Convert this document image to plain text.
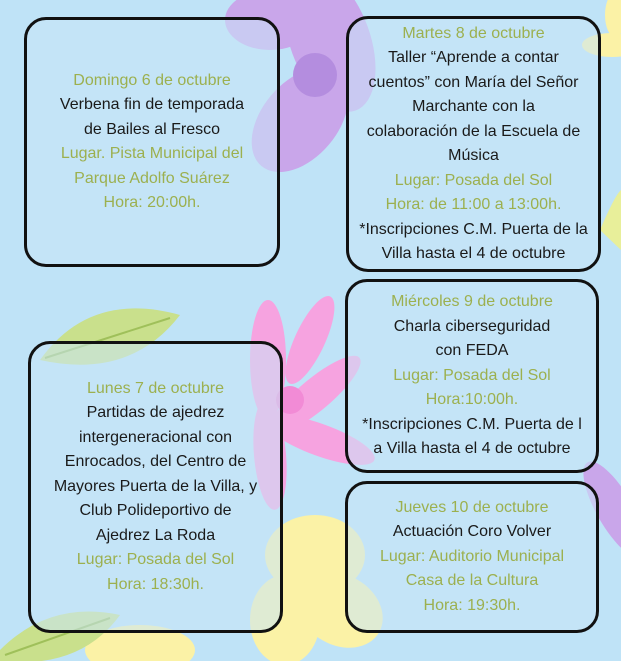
Domingo 6 de octubre
Verbena fin de temporada
de Bailes al Fresco
Lugar. Pista Municipal del
Parque Adolfo Suárez
Hora: 20:00h.
Martes 8 de octubre
Taller “Aprende a contar
cuentos” con María del Señor
Marchante con la
colaboración de la Escuela de
Música
Lugar: Posada del Sol
Hora: de 11:00 a 13:00h.
*Inscripciones C.M. Puerta de la
Villa hasta el 4 de octubre
Lunes 7 de octubre
Partidas de ajedrez
intergeneracional con
Enrocados, del Centro de
Mayores Puerta de la Villa, y
Club Polideportivo de
Ajedrez La Roda
Lugar: Posada del Sol
Hora: 18:30h.
Miércoles 9 de octubre
Charla ciberseguridad
con FEDA
Lugar: Posada del Sol
Hora:10:00h.
*Inscripciones C.M. Puerta de l
a Villa hasta el 4 de octubre
Jueves 10 de octubre
Actuación Coro Volver
Lugar: Auditorio Municipal
Casa de la Cultura
Hora: 19:30h.
